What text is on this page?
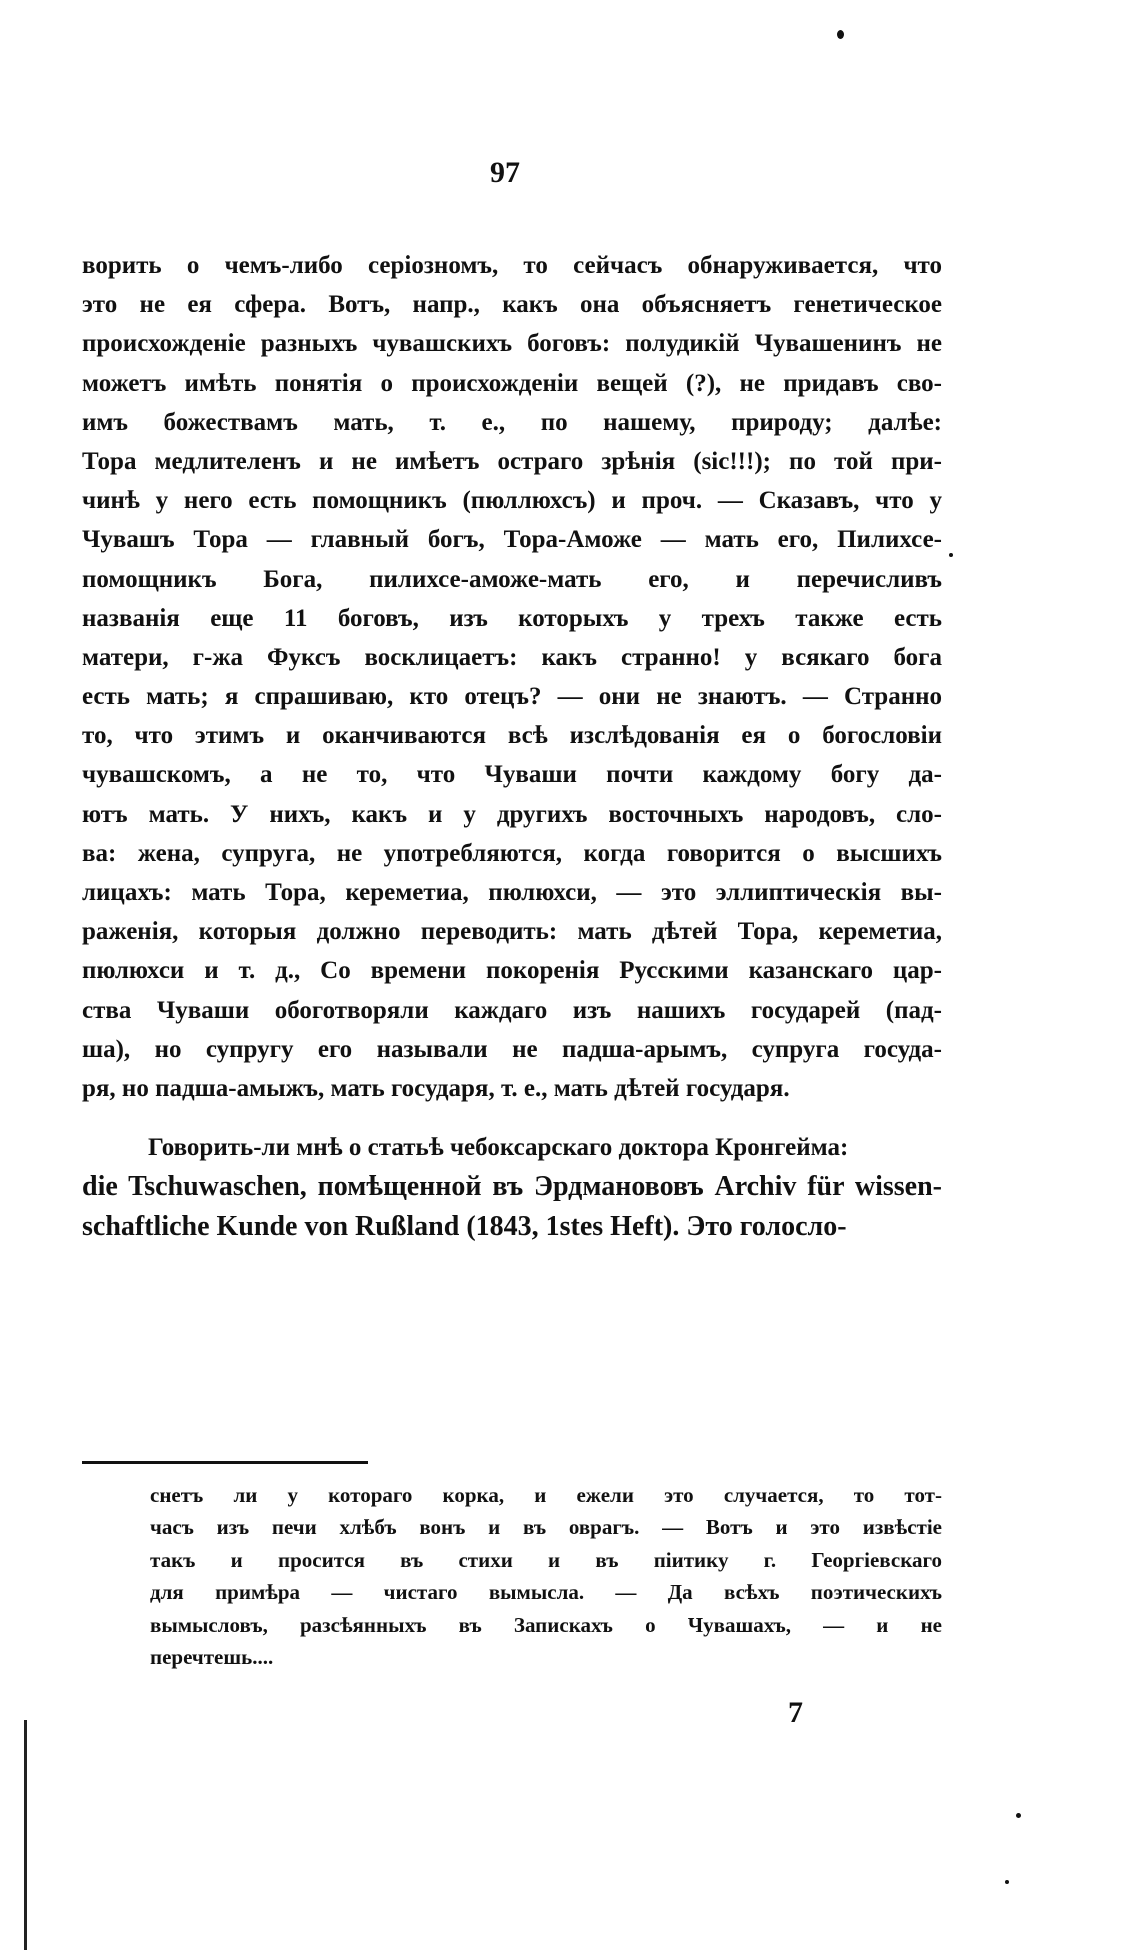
97
ворить о чемъ-либо серіозномъ, то сейчасъ обнаруживается, что
это не ея сфера. Вотъ, напр., какъ она объясняетъ генетическое
происхожденіе разныхъ чувашскихъ боговъ: полудикій Чувашенинъ не
можетъ имѣть понятія о происхожденіи вещей (?), не придавъ сво-
имъ божествамъ мать, т. е., по нашему, природу; далѣе:
Тора медлителенъ и не имѣетъ остраго зрѣнія (sic!!!); по той при-
чинѣ у него есть помощникъ (пюллюхсъ) и проч. — Сказавъ, что у
Чувашъ Тора — главный богъ, Тора-Аможе — мать его, Пилихсе-
помощникъ Бога, пилихсе-аможе-мать его, и перечисливъ
названія еще 11 боговъ, изъ которыхъ у трехъ также есть
матери, г-жа Фуксъ восклицаетъ: какъ странно! у всякаго бога
есть мать; я спрашиваю, кто отецъ? — они не знаютъ. — Странно
то, что этимъ и оканчиваются всѣ изслѣдованія ея о богословіи
чувашскомъ, а не то, что Чуваши почти каждому богу да-
ютъ мать. У нихъ, какъ и у другихъ восточныхъ народовъ, сло-
ва: жена, супруга, не употребляются, когда говорится о высшихъ
лицахъ: мать Тора, кереметиa, пюлюхси, — это эллиптическія вы-
раженія, которыя должно переводить: мать дѣтей Тора, кереметиa,
пюлюхси и т. д., Со времени покоренія Русскими казанскаго цар-
ства Чуваши обоготворяли каждаго изъ нашихъ государей (пад-
ша), но супругу его называли не падша-арымъ, супруга госуда-
ря, но падша-амыжъ, мать государя, т. е., мать дѣтей государя.
Говорить-ли мнѣ о статьѣ чебоксарскаго доктора Кронгейма:
die Tschuwaschen, помѣщенной въ Эрдманововъ Archiv für wissen-
schaftliche Kunde von Rußland (1843, 1stes Heft). Это голосло-
снетъ ли у котораго корка, и ежели это случается, то тот-
часъ изъ печи хлѣбъ вонъ и въ оврагъ. — Вотъ и это извѣстіе
такъ и просится въ стихи и въ піитику г. Георгіевскаго
для примѣра — чистаго вымысла. — Да всѣхъ поэтическихъ
вымысловъ, разсѣянныхъ въ Запискахъ о Чувашахъ, — и не
перечтешь....
7
